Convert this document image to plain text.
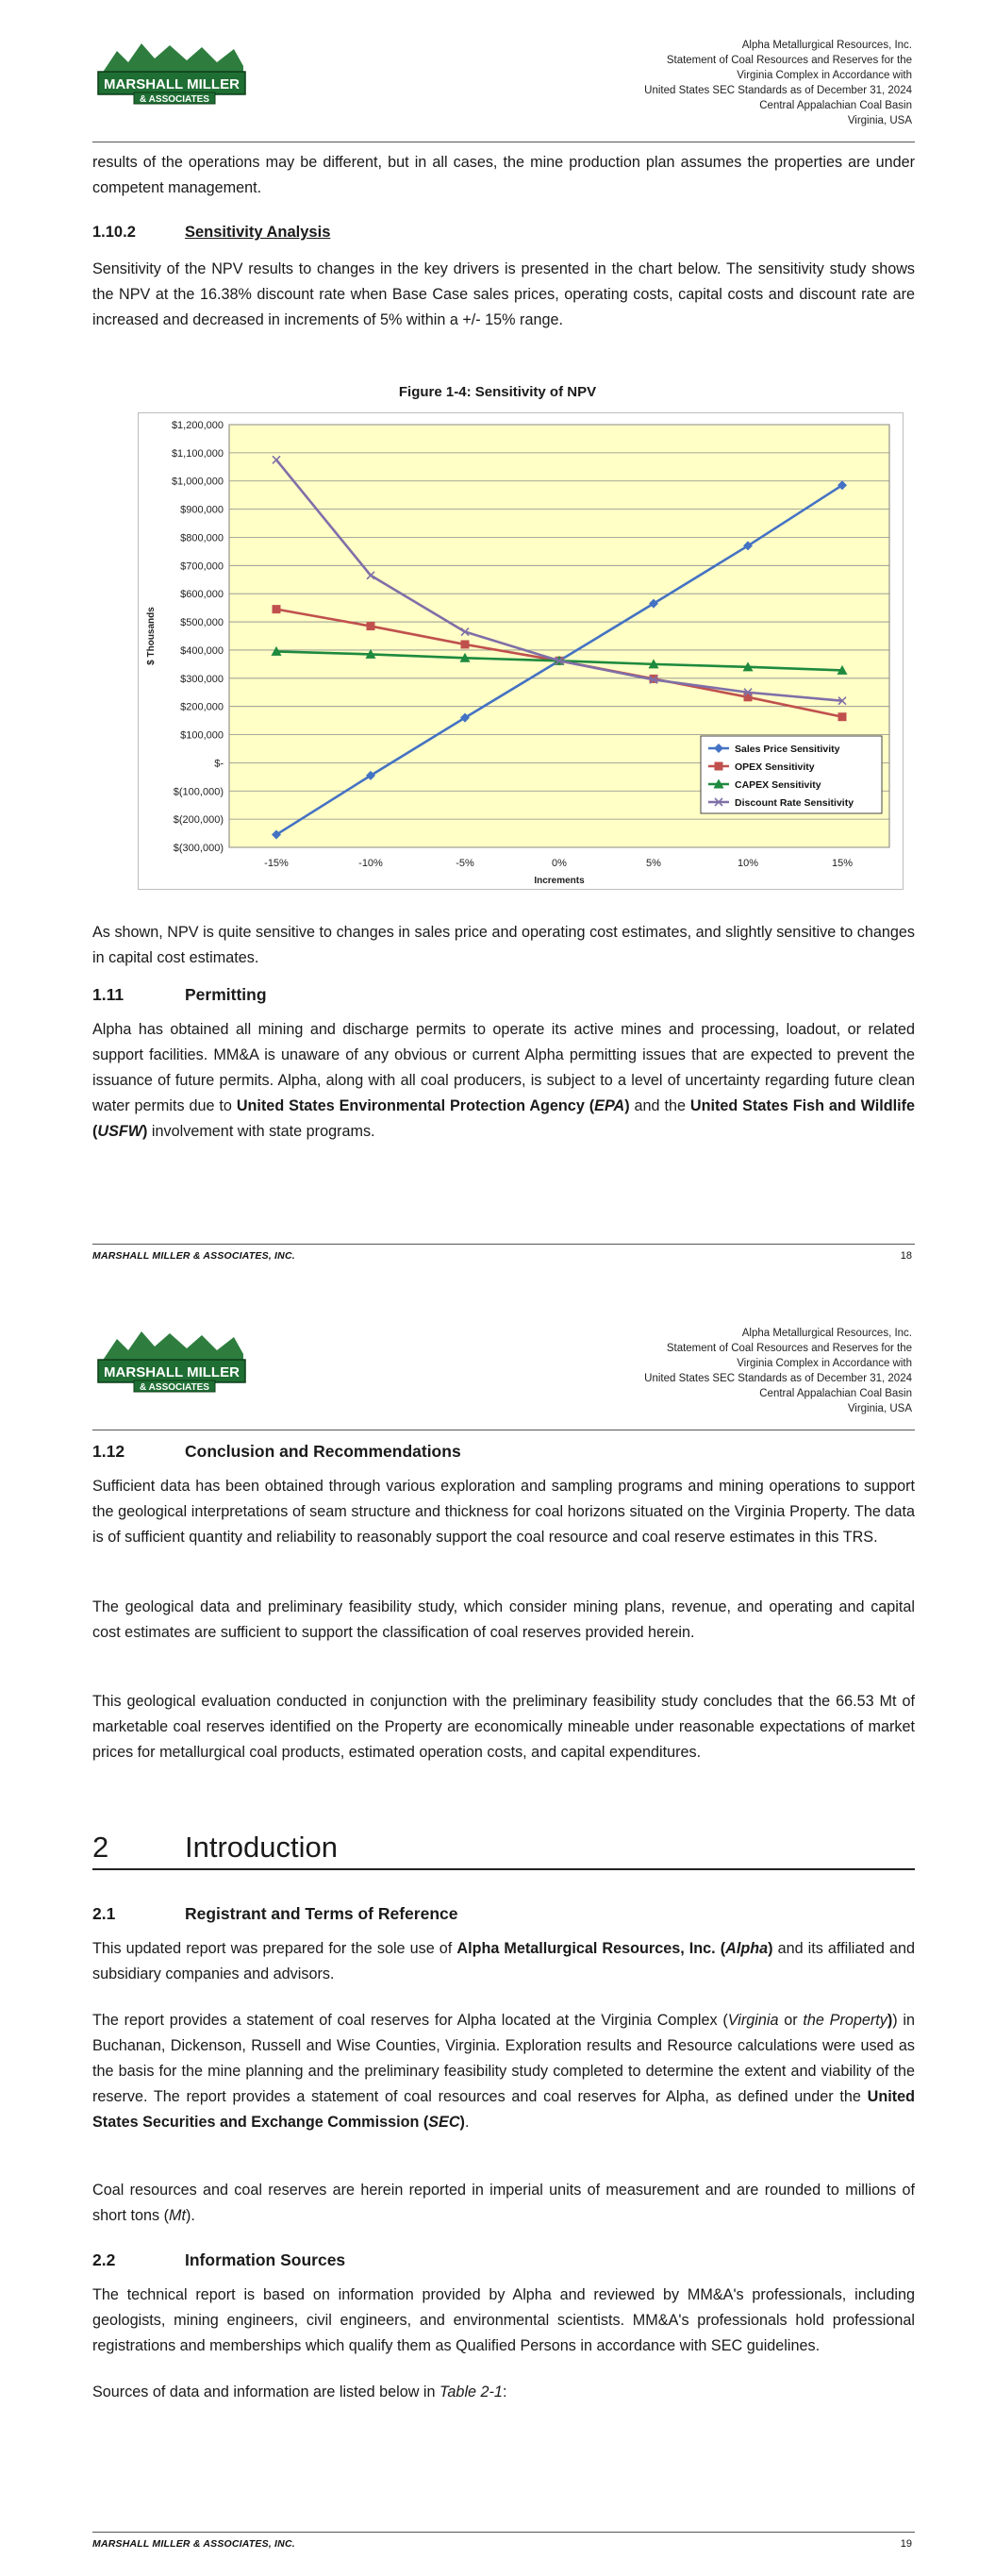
MARSHALL MILLER
& ASSOCIATES
Alpha Metallurgical Resources, Inc.
Statement of Coal Resources and Reserves for the
Virginia Complex in Accordance with
United States SEC Standards as of December 31, 2024
Central Appalachian Coal Basin
Virginia, USA

results of the operations may be different, but in all cases, the mine production plan assumes the properties are under competent management.

1.10.2	Sensitivity Analysis

Sensitivity of the NPV results to changes in the key drivers is presented in the chart below. The sensitivity study shows the NPV at the 16.38% discount rate when Base Case sales prices, operating costs, capital costs and discount rate are increased and decreased in increments of 5% within a +/- 15% range.

Figure 1-4: Sensitivity of NPV
$(300,000)
$(200,000)
$(100,000)
$-
$100,000
$200,000
$300,000
$400,000
$500,000
$600,000
$700,000
$800,000
$900,000
$1,000,000
$1,100,000
$1,200,000
-15%	-10%	-5%	0%	5%	10%	15%
Increments
$ Thousands
Sales Price Sensitivity
OPEX Sensitivity
CAPEX Sensitivity
Discount Rate Sensitivity

As shown, NPV is quite sensitive to changes in sales price and operating cost estimates, and slightly sensitive to changes in capital cost estimates.

1.11	Permitting

Alpha has obtained all mining and discharge permits to operate its active mines and processing, loadout, or related support facilities. MM&A is unaware of any obvious or current Alpha permitting issues that are expected to prevent the issuance of future permits. Alpha, along with all coal producers, is subject to a level of uncertainty regarding future clean water permits due to United States Environmental Protection Agency (EPA) and the United States Fish and Wildlife (USFW) involvement with state programs.

MARSHALL MILLER & ASSOCIATES, INC.	18
MARSHALL MILLER
& ASSOCIATES
Alpha Metallurgical Resources, Inc.
Statement of Coal Resources and Reserves for the
Virginia Complex in Accordance with
United States SEC Standards as of December 31, 2024
Central Appalachian Coal Basin
Virginia, USA
1.12	Conclusion and Recommendations

Sufficient data has been obtained through various exploration and sampling programs and mining operations to support the geological interpretations of seam structure and thickness for coal horizons situated on the Virginia Property. The data is of sufficient quantity and reliability to reasonably support the coal resource and coal reserve estimates in this TRS.

The geological data and preliminary feasibility study, which consider mining plans, revenue, and operating and capital cost estimates are sufficient to support the classification of coal reserves provided herein.

This geological evaluation conducted in conjunction with the preliminary feasibility study concludes that the 66.53 Mt of marketable coal reserves identified on the Property are economically mineable under reasonable expectations of market prices for metallurgical coal products, estimated operation costs, and capital expenditures.

2	Introduction
2.1	Registrant and Terms of Reference

This updated report was prepared for the sole use of Alpha Metallurgical Resources, Inc. (Alpha) and its affiliated and subsidiary companies and advisors.

The report provides a statement of coal reserves for Alpha located at the Virginia Complex (Virginia or the Property)) in Buchanan, Dickenson, Russell and Wise Counties, Virginia. Exploration results and Resource calculations were used as the basis for the mine planning and the preliminary feasibility study completed to determine the extent and viability of the reserve. The report provides a statement of coal resources and coal reserves for Alpha, as defined under the United States Securities and Exchange Commission (SEC).

Coal resources and coal reserves are herein reported in imperial units of measurement and are rounded to millions of short tons (Mt).

2.2	Information Sources

The technical report is based on information provided by Alpha and reviewed by MM&A's professionals, including geologists, mining engineers, civil engineers, and environmental scientists. MM&A's professionals hold professional registrations and memberships which qualify them as Qualified Persons in accordance with SEC guidelines.

Sources of data and information are listed below in Table 2-1:

MARSHALL MILLER & ASSOCIATES, INC.	19
